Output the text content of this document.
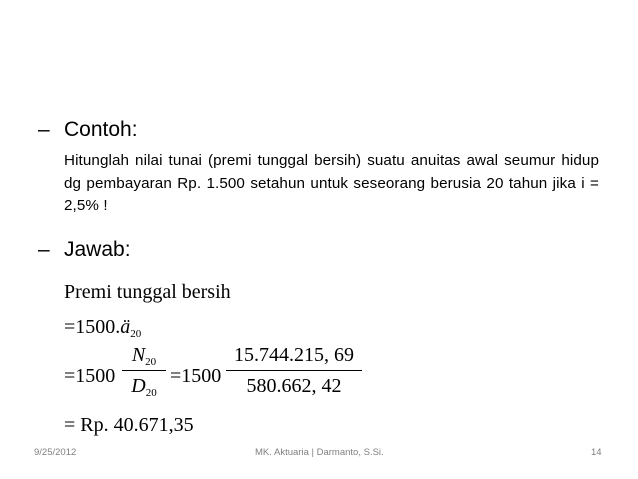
– Contoh:
Hitunglah nilai tunai (premi tunggal bersih) suatu anuitas awal seumur hidup dg pembayaran Rp. 1.500 setahun untuk seseorang berusia 20 tahun jika i = 2,5% !
– Jawab:
Premi tunggal bersih
$=1500.ä_{20}$
=1500
$N_{20}$
$D_{20}$
=1500
15.744.215, 69
580.662, 42
= Rp. 40.671,35
9/25/2012	MK. Aktuaria | Darmanto, S.Si.	14
